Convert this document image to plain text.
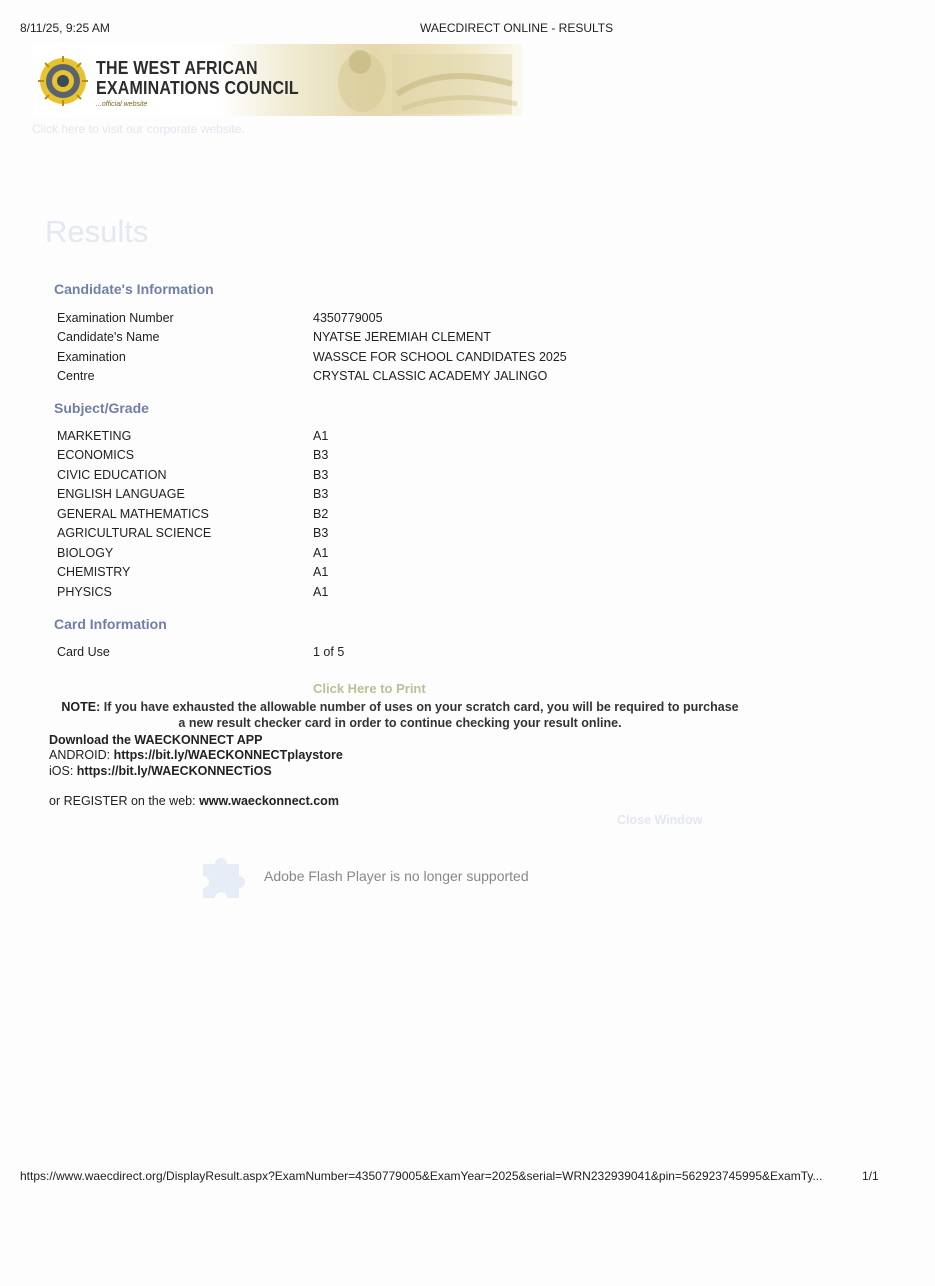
8/11/25, 9:25 AM	WAECDIRECT ONLINE - RESULTS
THE WEST AFRICAN
EXAMINATIONS COUNCIL
...official website
Click here to visit our corporate website.
Results
Candidate's Information
Examination Number	4350779005
Candidate's Name	NYATSE JEREMIAH CLEMENT
Examination	WASSCE FOR SCHOOL CANDIDATES 2025
Centre	CRYSTAL CLASSIC ACADEMY JALINGO
Subject/Grade
MARKETING	A1
ECONOMICS	B3
CIVIC EDUCATION	B3
ENGLISH LANGUAGE	B3
GENERAL MATHEMATICS	B2
AGRICULTURAL SCIENCE	B3
BIOLOGY	A1
CHEMISTRY	A1
PHYSICS	A1
Card Information
Card Use	1 of 5
Click Here to Print
NOTE: If you have exhausted the allowable number of uses on your scratch card, you will be required to purchase a new result checker card in order to continue checking your result online.
Download the WAECKONNECT APP
ANDROID: https://bit.ly/WAECKONNECTplaystore
iOS: https://bit.ly/WAECKONNECTiOS
or REGISTER on the web: www.waeckonnect.com
Close Window
Adobe Flash Player is no longer supported
https://www.waecdirect.org/DisplayResult.aspx?ExamNumber=4350779005&ExamYear=2025&serial=WRN232939041&pin=562923745995&ExamTy...	1/1
